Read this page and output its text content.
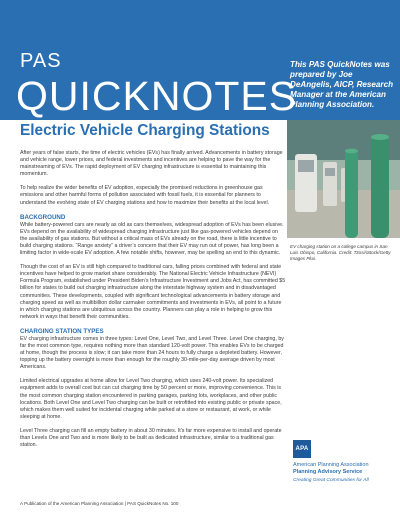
PAS
QUICKNOTES
This PAS QuickNotes was prepared by Joe DeAngelis, AICP, Research Manager at the American Planning Association.
EV charging station on a college campus in San Luis Obispo, California. Credit: Tzosi/iStock/Getty Images Plus.
Electric Vehicle Charging Stations

After years of false starts, the time of electric vehicles (EVs) has finally arrived. Advancements in battery storage and vehicle range, lower prices, and federal investments and incentives are helping to pave the way for the mainstreaming of EVs. The rapid deployment of EV charging infrastructure is essential to maintaining this momentum.

To help realize the wider benefits of EV adoption, especially the promised reductions in greenhouse gas emissions and other harmful forms of pollution associated with fossil fuels, it is essential for planners to understand the evolving state of EV charging stations and how to maximize their benefits at the local level.

BACKGROUND

While battery-powered cars are nearly as old as cars themselves, widespread adoption of EVs has been elusive. EVs depend on the availability of widespread charging infrastructure just like gas-powered vehicles depend on the availability of gas stations. But without a critical mass of EVs already on the road, there is little incentive to build charging stations. “Range anxiety” a driver’s concern that their EV may run out of power, has long been a limiting factor in wide-scale EV adoption. A few notable shifts, however, may be spelling an end to this dynamic.

Though the cost of an EV is still high compared to traditional cars, falling prices combined with federal and state incentives have helped to grow market share considerably. The National Electric Vehicle Infrastructure (NEVI) Formula Program, established under President Biden’s Infrastructure Investment and Jobs Act, has committed $5 billion for states to build out charging infrastructure along the interstate highway system and in disadvantaged communities. These developments, coupled with significant technological advancements in battery storage and charging speed as well as multibillion dollar carmaker commitments and investments in EVs, all point to a future in which charging stations are ubiquitous across the country. Planners can play a role in helping to grow this network in ways that benefit their communities.

CHARGING STATION TYPES

EV charging infrastructure comes in three types: Level One, Level Two, and Level Three. Level One charging, by far the most common type, requires nothing more than standard 120-volt power. This enables EVs to be charged at home, though the process is slow; it can take more than 24 hours to fully charge a depleted battery. However, topping up the battery overnight is more than enough for the roughly 30-mile-per-day average driven by most Americans.

Limited electrical upgrades at home allow for Level Two charging, which uses 240-volt power. Its specialized equipment adds to overall cost but can cut charging time by 50 percent or more, improving convenience. This is the most common charging station encountered in parking garages, parking lots, workplaces, and other public locations. Both Level One and Level Two charging can be built or retrofitted into existing public or private space, which makes them well suited for incidental charging while parked at a store or restaurant, at work, or while sleeping at home.

Level Three charging can fill an empty battery in about 30 minutes. It’s far more expensive to install and operate than Levels One and Two and is more likely to be built as dedicated infrastructure, similar to a traditional gas station.

APA
American Planning Association
Planning Advisory Service
Creating Great Communities for All
A Publication of the American Planning Association | PAS QuickNotes No. 100
